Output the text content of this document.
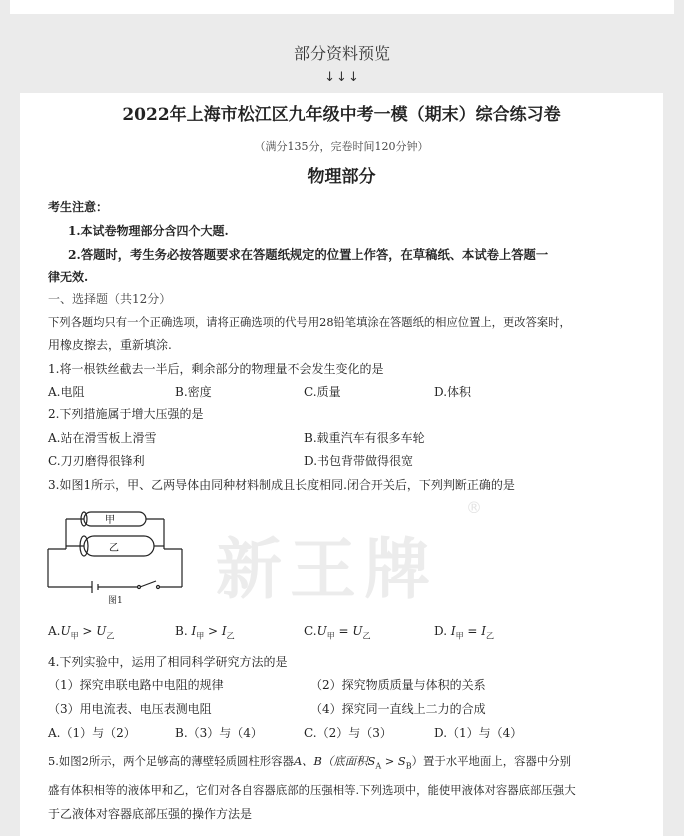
部分资料预览
↓↓↓
新王牌
®
2022年上海市松江区九年级中考一模（期末）综合练习卷
（满分135分，完卷时间120分钟）
物理部分
考生注意：
1.本试卷物理部分含四个大题.
2.答题时，考生务必按答题要求在答题纸规定的位置上作答，在草稿纸、本试卷上答题一
律无效.
一、选择题（共12分）
下列各题均只有一个正确选项，请将正确选项的代号用28铅笔填涂在答题纸的相应位置上，更改答案时，
用橡皮擦去，重新填涂.
1.将一根铁丝截去一半后，剩余部分的物理量不会发生变化的是
A.电阻	B.密度	C.质量	D.体积
2.下列措施属于增大压强的是
A.站在滑雪板上滑雪	B.载重汽车有很多车轮
C.刀刃磨得很锋利	D.书包背带做得很宽
3.如图1所示，甲、乙两导体由同种材料制成且长度相同.闭合开关后，下列判断正确的是
甲
乙
图1
$A.U_甲 > U_乙$	B. $I_甲 > I_乙$	$C.U_甲 = U_乙$	D. $I_甲 = I_乙$
4.下列实验中，运用了相同科学研究方法的是
（1）探究串联电路中电阻的规律	（2）探究物质质量与体积的关系
（3）用电流表、电压表测电阻	（4）探究同一直线上二力的合成
A.（1）与（2）	B.（3）与（4）	C.（2）与（3）	D.（1）与（4）
5.如图2所示，两个足够高的薄壁轻质圆柱形容器A、B（底面积$S_A > S_B$）置于水平地面上，容器中分别
盛有体积相等的液体甲和乙，它们对各自容器底部的压强相等.下列选项中，能使甲液体对容器底部压强大
于乙液体对容器底部压强的操作方法是
